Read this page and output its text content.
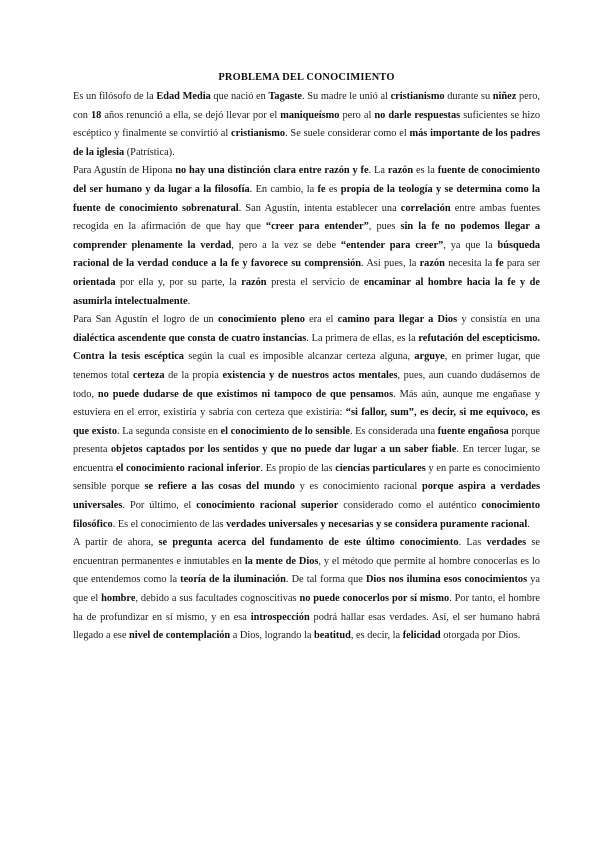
PROBLEMA DEL CONOCIMIENTO

Es un filósofo de la Edad Media que nació en Tagaste. Su madre le unió al cristianismo durante su niñez pero, con 18 años renunció a ella, se dejó llevar por el maniqueísmo pero al no darle respuestas suficientes se hizo escéptico y finalmente se convirtió al cristianismo. Se suele considerar como el más importante de los padres de la iglesia (Patrística).

Para Agustín de Hipona no hay una distinción clara entre razón y fe. La razón es la fuente de conocimiento del ser humano y da lugar a la filosofía. En cambio, la fe es propia de la teología y se determina como la fuente de conocimiento sobrenatural. San Agustín, intenta establecer una correlación entre ambas fuentes recogida en la afirmación de que hay que “creer para entender”, pues sin la fe no podemos llegar a comprender plenamente la verdad, pero a la vez se debe “entender para creer”, ya que la búsqueda racional de la verdad conduce a la fe y favorece su comprensión. Así pues, la razón necesita la fe para ser orientada por ella y, por su parte, la razón presta el servicio de encaminar al hombre hacia la fe y de asumirla intelectualmente.

Para San Agustín el logro de un conocimiento pleno era el camino para llegar a Dios y consistía en una dialéctica ascendente que consta de cuatro instancias. La primera de ellas, es la refutación del escepticismo. Contra la tesis escéptica según la cual es imposible alcanzar certeza alguna, arguye, en primer lugar, que tenemos total certeza de la propia existencia y de nuestros actos mentales, pues, aun cuando dudásemos de todo, no puede dudarse de que existimos ni tampoco de que pensamos. Más aún, aunque me engañase y estuviera en el error, existiría y sabría con certeza que existiría: “si fallor, sum”, es decir, si me equivoco, es que existo. La segunda consiste en el conocimiento de lo sensible. Es considerada una fuente engañosa porque presenta objetos captados por los sentidos y que no puede dar lugar a un saber fiable. En tercer lugar, se encuentra el conocimiento racional inferior. Es propio de las ciencias particulares y en parte es conocimiento sensible porque se refiere a las cosas del mundo y es conocimiento racional porque aspira a verdades universales. Por último, el conocimiento racional superior considerado como el auténtico conocimiento filosófico. Es el conocimiento de las verdades universales y necesarias y se considera puramente racional.

A partir de ahora, se pregunta acerca del fundamento de este último conocimiento. Las verdades se encuentran permanentes e inmutables en la mente de Dios, y el método que permite al hombre conocerlas es lo que entendemos como la teoría de la iluminación. De tal forma que Dios nos ilumina esos conocimientos ya que el hombre, debido a sus facultades cognoscitivas no puede conocerlos por sí mismo. Por tanto, el hombre ha de profundizar en sí mismo, y en esa introspección podrá hallar esas verdades. Así, el ser humano habrá llegado a ese nivel de contemplación a Dios, logrando la beatitud, es decir, la felicidad otorgada por Dios.
